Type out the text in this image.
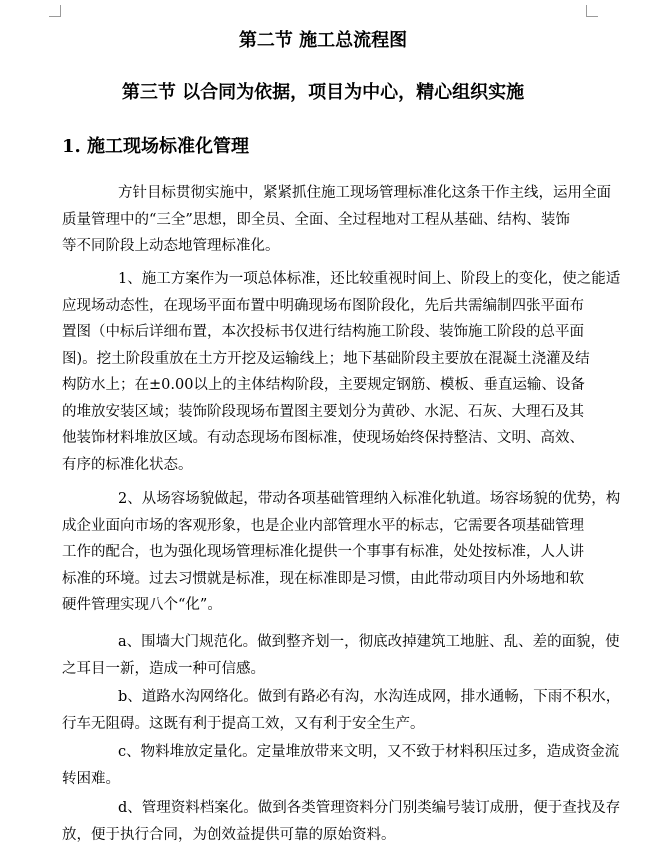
第二节 施工总流程图
第三节 以合同为依据，项目为中心，精心组织实施
1. 施工现场标准化管理
方针目标贯彻实施中，紧紧抓住施工现场管理标准化这条干作主线，运用全面
质量管理中的“三全”思想，即全员、全面、全过程地对工程从基础、结构、装饰
等不同阶段上动态地管理标准化。
1、施工方案作为一项总体标准，还比较重视时间上、阶段上的变化，使之能适
应现场动态性，在现场平面布置中明确现场布图阶段化，先后共需编制四张平面布
置图（中标后详细布置，本次投标书仅进行结构施工阶段、装饰施工阶段的总平面
图)。挖土阶段重放在土方开挖及运输线上；地下基础阶段主要放在混凝土浇灌及结
构防水上；在±0.00以上的主体结构阶段，主要规定钢筋、模板、垂直运输、设备
的堆放安装区域；装饰阶段现场布置图主要划分为黄砂、水泥、石灰、大理石及其
他装饰材料堆放区域。有动态现场布图标准，使现场始终保持整洁、文明、高效、
有序的标准化状态。
2、从场容场貌做起，带动各项基础管理纳入标准化轨道。场容场貌的优势，构
成企业面向市场的客观形象，也是企业内部管理水平的标志，它需要各项基础管理
工作的配合，也为强化现场管理标准化提供一个事事有标准，处处按标准，人人讲
标准的环境。过去习惯就是标准，现在标准即是习惯，由此带动项目内外场地和软
硬件管理实现八个“化”。
a、围墙大门规范化。做到整齐划一，彻底改掉建筑工地脏、乱、差的面貌，使
之耳目一新，造成一种可信感。
b、道路水沟网络化。做到有路必有沟，水沟连成网，排水通畅，下雨不积水，
行车无阻碍。这既有利于提高工效，又有利于安全生产。
c、物料堆放定量化。定量堆放带来文明，又不致于材料积压过多，造成资金流
转困难。
d、管理资料档案化。做到各类管理资料分门别类编号装订成册，便于查找及存
放，便于执行合同，为创效益提供可靠的原始资料。
